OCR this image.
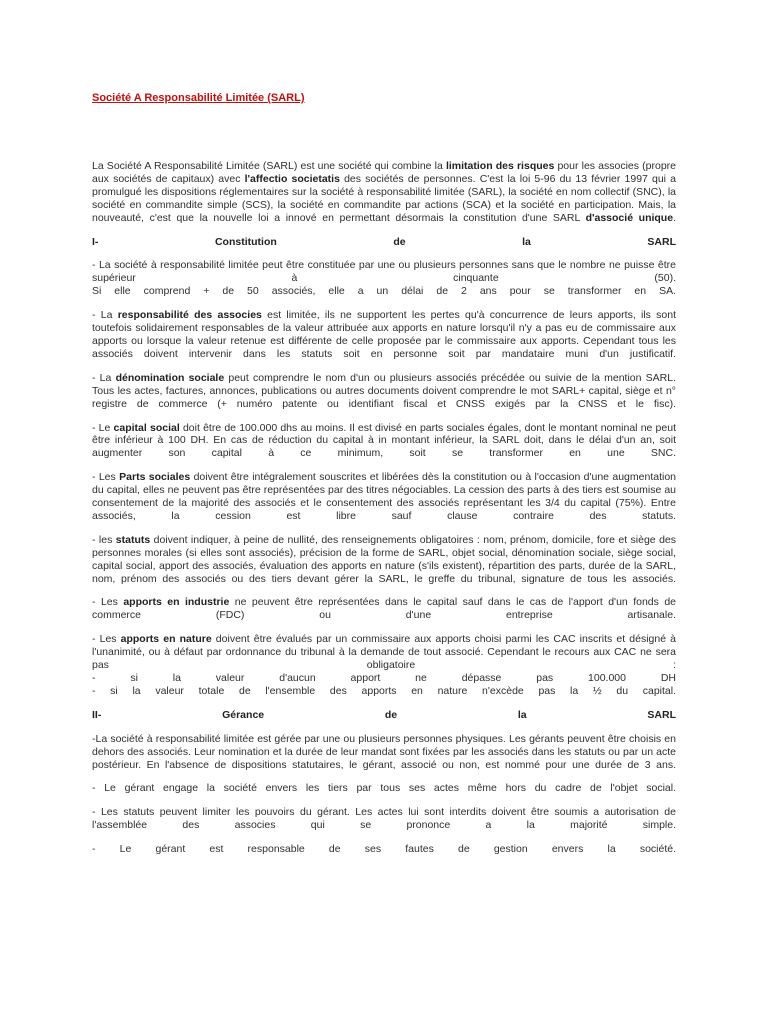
Société A Responsabilité Limitée (SARL)
La Société A Responsabilité Limitée (SARL) est une société qui combine la limitation des risques pour les associes (propre aux sociétés de capitaux) avec l'affectio societatis des sociétés de personnes. C'est la loi 5-96 du 13 février 1997 qui a promulgué les dispositions réglementaires sur la société à responsabilité limitée (SARL), la société en nom collectif (SNC), la société en commandite simple (SCS), la société en commandite par actions (SCA) et la société en participation. Mais, la nouveauté, c'est que la nouvelle loi a innové en permettant désormais la constitution d'une SARL d'associé unique.
I-	Constitution	de	la	SARL
- La société à responsabilité limitée peut être constituée par une ou plusieurs personnes sans que le nombre ne puisse être supérieur à cinquante (50).
Si elle comprend + de 50 associés, elle a un délai de 2 ans pour se transformer en SA.
- La responsabilité des associes est limitée, ils ne supportent les pertes qu'à concurrence de leurs apports, ils sont toutefois solidairement responsables de la valeur attribuée aux apports en nature lorsqu'il n'y a pas eu de commissaire aux apports ou lorsque la valeur retenue est différente de celle proposée par le commissaire aux apports. Cependant tous les associés doivent intervenir dans les statuts soit en personne soit par mandataire muni d'un justificatif.
- La dénomination sociale peut comprendre le nom d'un ou plusieurs associés précédée ou suivie de la mention SARL. Tous les actes, factures, annonces, publications ou autres documents doivent comprendre le mot SARL+ capital, siège et n° registre de commerce (+ numéro patente ou identifiant fiscal et CNSS exigés par la CNSS et le fisc).
- Le capital social doit être de 100.000 dhs au moins. Il est divisé en parts sociales égales, dont le montant nominal ne peut être inférieur à 100 DH. En cas de réduction du capital à in montant inférieur, la SARL doit, dans le délai d'un an, soit augmenter son capital à ce minimum, soit se transformer en une SNC.
- Les Parts sociales doivent être intégralement souscrites et libérées dès la constitution ou à l'occasion d'une augmentation du capital, elles ne peuvent pas être représentées par des titres négociables. La cession des parts à des tiers est soumise au consentement de la majorité des associés et le consentement des associés représentant les 3/4 du capital (75%). Entre associés, la cession est libre sauf clause contraire des statuts.
- les statuts doivent indiquer, à peine de nullité, des renseignements obligatoires : nom, prénom, domicile, fore et siège des personnes morales (si elles sont associés), précision de la forme de SARL, objet social, dénomination sociale, siège social, capital social, apport des associés, évaluation des apports en nature (s'ils existent), répartition des parts, durée de la SARL, nom, prénom des associés ou des tiers devant gérer la SARL, le greffe du tribunal, signature de tous les associés.
- Les apports en industrie ne peuvent être représentées dans le capital sauf dans le cas de l'apport d'un fonds de commerce (FDC) ou d'une entreprise artisanale.
- Les apports en nature doivent être évalués par un commissaire aux apports choisi parmi les CAC inscrits et désigné à l'unanimité, ou à défaut par ordonnance du tribunal à la demande de tout associé. Cependant le recours aux CAC ne sera pas obligatoire :
- si la valeur d'aucun apport ne dépasse pas 100.000 DH
- si la valeur totale de l'ensemble des apports en nature n'excède pas la ½ du capital.
II-	Gérance	de	la	SARL
-La société à responsabilité limitée est gérée par une ou plusieurs personnes physiques. Les gérants peuvent être choisis en dehors des associés. Leur nomination et la durée de leur mandat sont fixées par les associés dans les statuts ou par un acte postérieur. En l'absence de dispositions statutaires, le gérant, associé ou non, est nommé pour une durée de 3 ans.
- Le gérant engage la société envers les tiers par tous ses actes même hors du cadre de l'objet social.
- Les statuts peuvent limiter les pouvoirs du gérant. Les actes lui sont interdits doivent être soumis a autorisation de l'assemblée des associes qui se prononce a la majorité simple.
- Le gérant est responsable de ses fautes de gestion envers la société.
